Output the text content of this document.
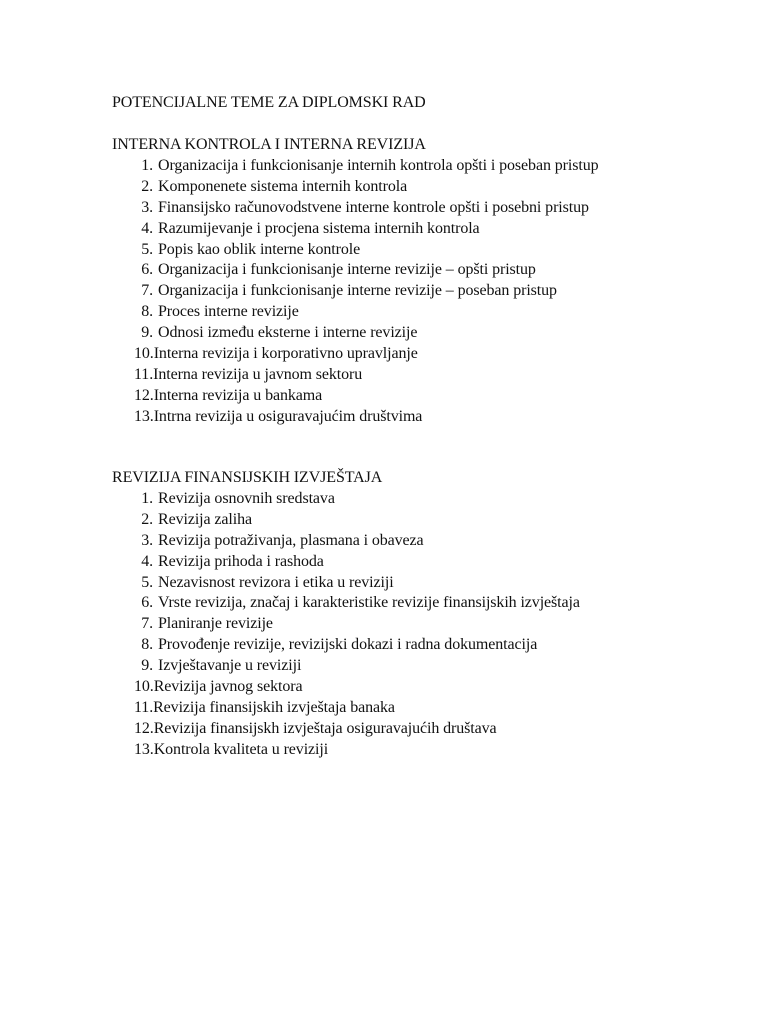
POTENCIJALNE TEME ZA DIPLOMSKI RAD
INTERNA KONTROLA I INTERNA REVIZIJA
1. Organizacija i funkcionisanje internih kontrola opšti i poseban pristup
2. Komponenete sistema internih kontrola
3. Finansijsko računovodstvene interne kontrole opšti i posebni pristup
4. Razumijevanje i procjena sistema internih kontrola
5. Popis kao oblik interne kontrole
6. Organizacija i funkcionisanje interne revizije – opšti pristup
7. Organizacija i funkcionisanje interne revizije – poseban pristup
8. Proces interne revizije
9. Odnosi između eksterne i interne revizije
10.Interna revizija i korporativno upravljanje
11.Interna revizija u javnom sektoru
12.Interna revizija u bankama
13.Intrna revizija u osiguravajućim društvima
REVIZIJA FINANSIJSKIH IZVJEŠTAJA
1. Revizija osnovnih sredstava
2. Revizija zaliha
3. Revizija potraživanja, plasmana i obaveza
4. Revizija prihoda i rashoda
5. Nezavisnost revizora i etika u reviziji
6. Vrste revizija, značaj i karakteristike revizije finansijskih izvještaja
7. Planiranje revizije
8. Provođenje revizije, revizijski dokazi i radna dokumentacija
9. Izvještavanje u reviziji
10.Revizija javnog sektora
11.Revizija finansijskih izvještaja banaka
12.Revizija finansijskh izvještaja osiguravajućih društava
13.Kontrola kvaliteta u reviziji
